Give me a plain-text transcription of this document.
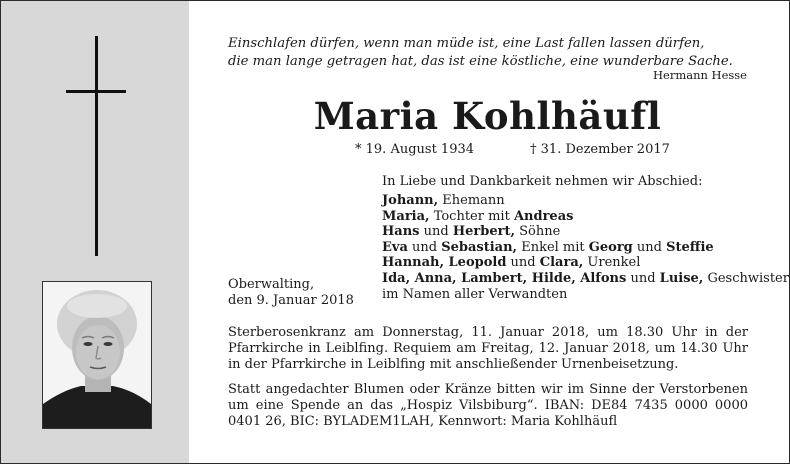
Einschlafen dürfen, wenn man müde ist, eine Last fallen lassen dürfen,
die man lange getragen hat, das ist eine köstliche, eine wunderbare Sache.
Hermann Hesse
Maria Kohlhäufl
* 19. August 1934	† 31. Dezember 2017
In Liebe und Dankbarkeit nehmen wir Abschied:
Johann, Ehemann
Maria, Tochter mit Andreas
Hans und Herbert, Söhne
Eva und Sebastian, Enkel mit Georg und Steffie
Hannah, Leopold und Clara, Urenkel
Ida, Anna, Lambert, Hilde, Alfons und Luise, Geschwister
im Namen aller Verwandten
Oberwalting,
den 9. Januar 2018
Sterberosenkranz am Donnerstag, 11. Januar 2018, um 18.30 Uhr in der Pfarrkirche in Leiblfing. Requiem am Freitag, 12. Januar 2018, um 14.30 Uhr in der Pfarrkirche in Leiblfing mit anschließender Urnenbeisetzung.
Statt angedachter Blumen oder Kränze bitten wir im Sinne der Verstorbenen um eine Spende an das „Hospiz Vilsbiburg“. IBAN: DE84 7435 0000 0000 0401 26, BIC: BYLADEM1LAH, Kennwort: Maria Kohlhäufl
